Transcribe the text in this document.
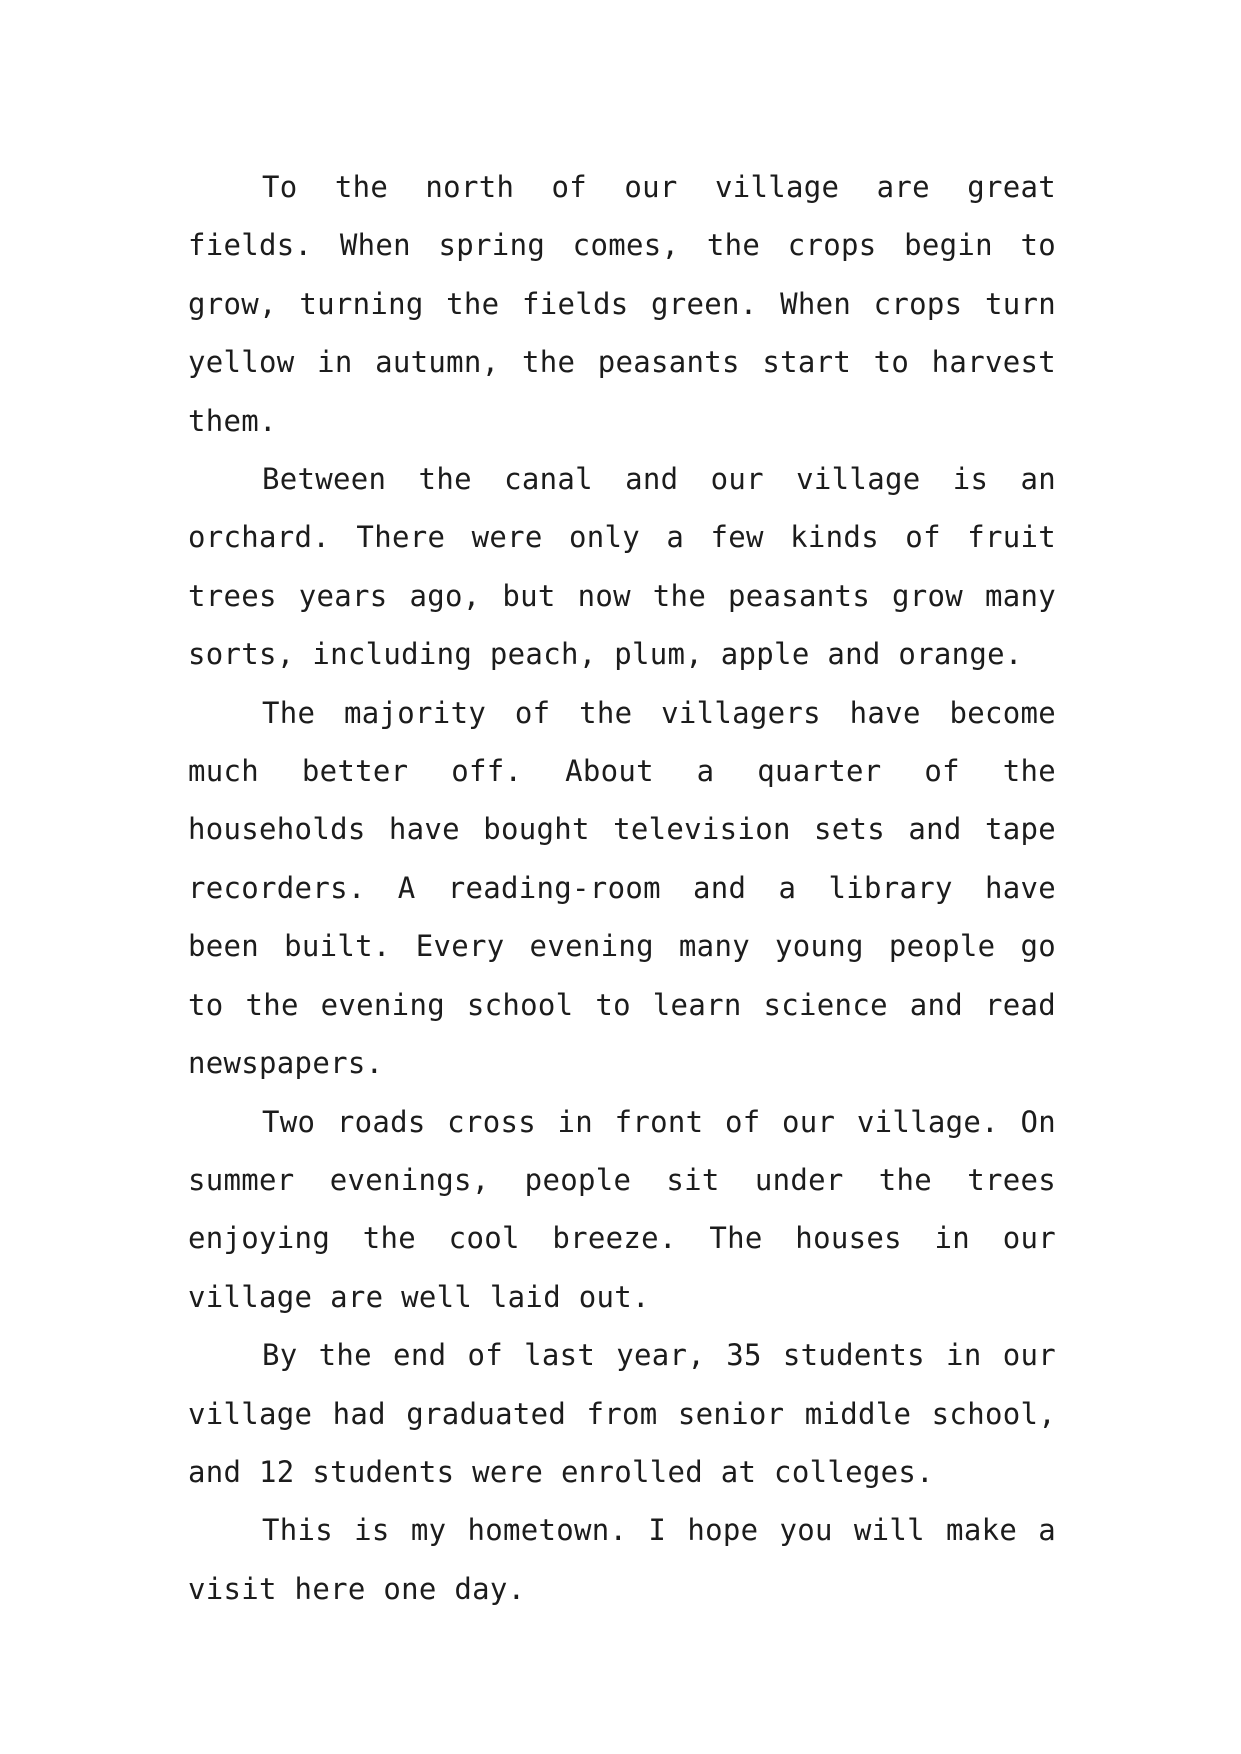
To the north of our village are great fields. When spring comes, the crops begin to grow, turning the fields green. When crops turn yellow in autumn, the peasants start to harvest them.

Between the canal and our village is an orchard. There were only a few kinds of fruit trees years ago, but now the peasants grow many sorts, including peach, plum, apple and orange.

The majority of the villagers have become much better off. About a quarter of the households have bought television sets and tape recorders. A reading-room and a library have been built. Every evening many young people go to the evening school to learn science and read newspapers.

Two roads cross in front of our village. On summer evenings, people sit under the trees enjoying the cool breeze. The houses in our village are well laid out.

By the end of last year, 35 students in our village had graduated from senior middle school, and 12 students were enrolled at colleges.

This is my hometown. I hope you will make a visit here one day.
